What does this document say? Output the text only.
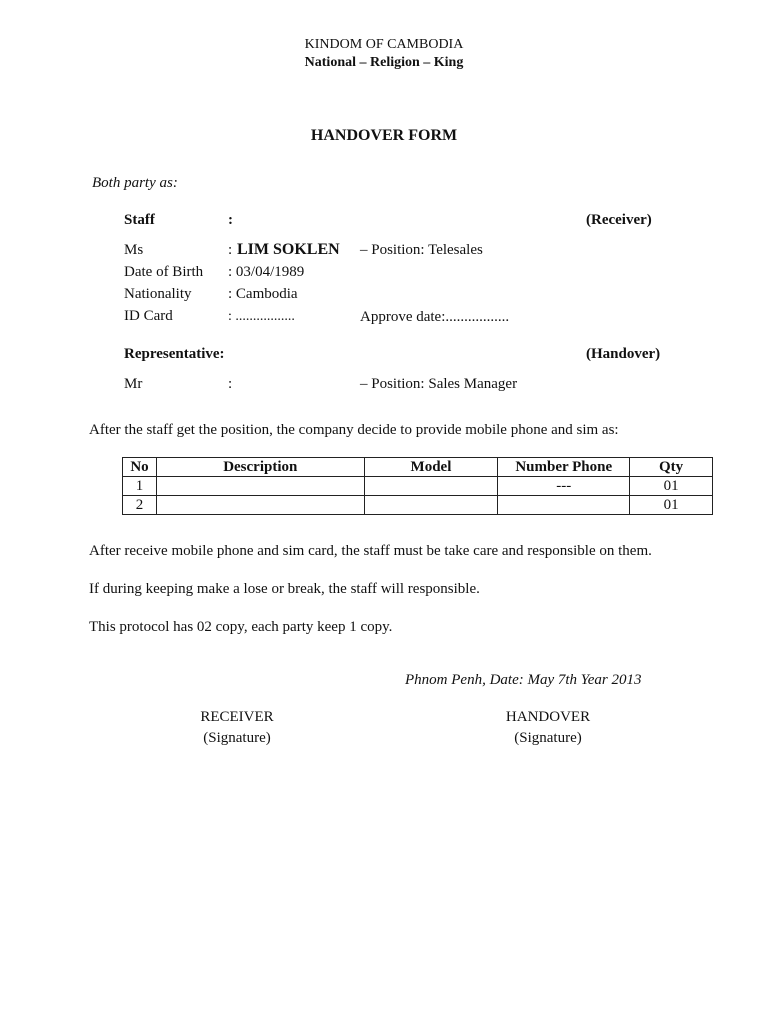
KINDOM OF CAMBODIA
National – Religion – King
HANDOVER FORM
Both party as:
Staff	:	(Receiver)
Ms	: LIM SOKLEN – Position: Telesales
Date of Birth : 03/04/1989
Nationality : Cambodia
ID Card	: .................	Approve date:.................
Representative:	(Handover)
Mr	:	– Position: Sales Manager
After the staff get the position, the company decide to provide mobile phone and sim as:
No	Description	Model	Number Phone	Qty
1			---	01
2				01
After receive mobile phone and sim card, the staff must be take care and responsible on them.
If during keeping make a lose or break, the staff will responsible.
This protocol has 02 copy, each party keep 1 copy.
Phnom Penh, Date: May 7th Year 2013
RECEIVER
(Signature)
HANDOVER
(Signature)
